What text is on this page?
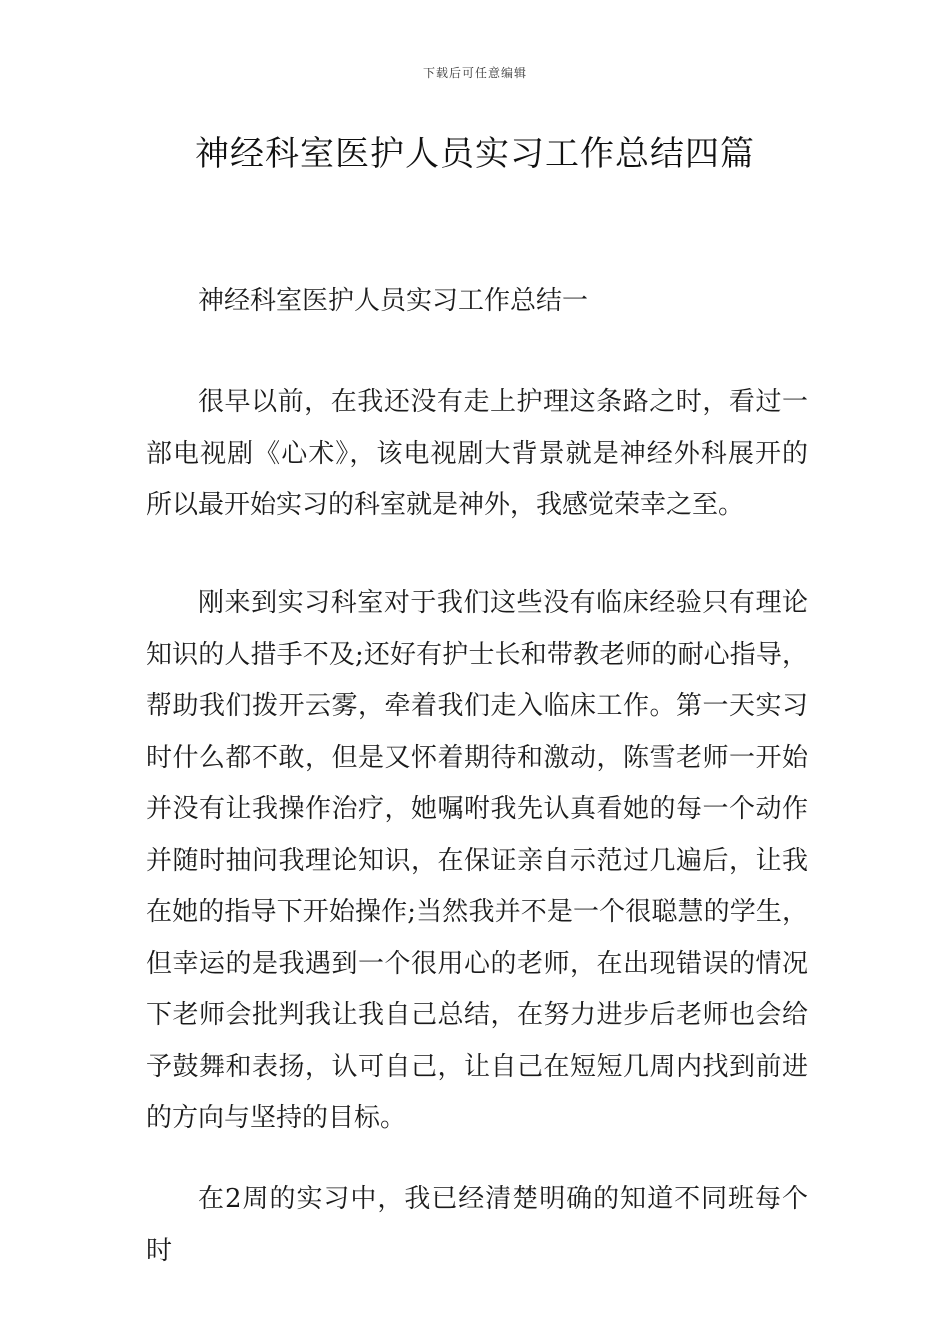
下载后可任意编辑
神经科室医护人员实习工作总结四篇

神经科室医护人员实习工作总结一

很早以前，在我还没有走上护理这条路之时，看过一部电视剧《心术》，该电视剧大背景就是神经外科展开的所以最开始实习的科室就是神外，我感觉荣幸之至。

刚来到实习科室对于我们这些没有临床经验只有理论知识的人措手不及;还好有护士长和带教老师的耐心指导，帮助我们拨开云雾，牵着我们走入临床工作。第一天实习时什么都不敢，但是又怀着期待和激动，陈雪老师一开始并没有让我操作治疗，她嘱咐我先认真看她的每一个动作并随时抽问我理论知识，在保证亲自示范过几遍后，让我在她的指导下开始操作;当然我并不是一个很聪慧的学生，但幸运的是我遇到一个很用心的老师，在出现错误的情况下老师会批判我让我自己总结，在努力进步后老师也会给予鼓舞和表扬，认可自己，让自己在短短几周内找到前进的方向与坚持的目标。

在2周的实习中，我已经清楚明确的知道不同班每个时
